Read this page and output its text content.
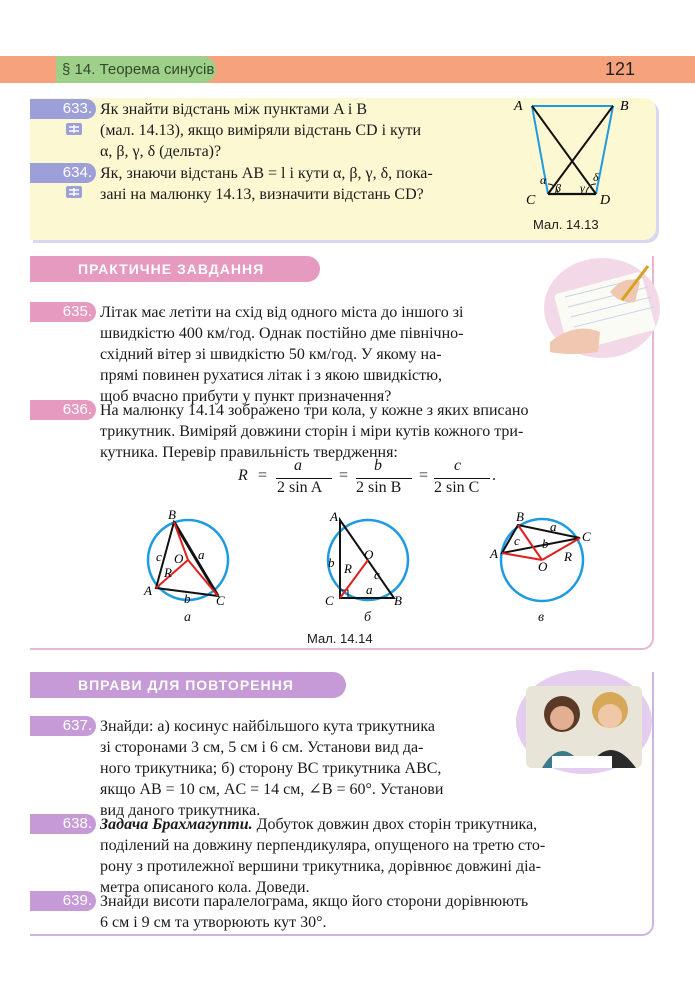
§ 14. Теорема синусів	121
633. Як знайти відстань між пунктами A і B

(мал. 14.13), якщо виміряли відстань CD і кути

α, β, γ, δ (дельта)?

634. Як, знаючи відстань AB = l і кути α, β, γ, δ, пока-

зані на малюнку 14.13, визначити відстань CD?

A	B
C	D
α
β γ
δ
Мал. 14.13
ПРАКТИЧНЕ ЗАВДАННЯ
635. Літак має летіти на схід від одного міста до іншого зі

швидкістю 400 км/год. Однак постійно дме північно-

східний вітер зі швидкістю 50 км/год. У якому на-

прямі повинен рухатися літак і з якою швидкістю,

щоб вчасно прибути у пункт призначення?

636. На малюнку 14.14 зображено три кола, у кожне з яких вписано

трикутник. Виміряй довжини сторін і міри кутів кожного три-

кутника. Перевір правильність твердження:

R =
a
2 sin A
=
b
2 sin B
=
c
2 sin C
.
B
A
C
O
R
a
b
c
а
A
C	B
O
R
a
b
c
б
B
A
C
O
R
a
b
c
в
Мал. 14.14
ВПРАВИ ДЛЯ ПОВТОРЕННЯ
637. Знайди: а) косинус найбільшого кута трикутника

зі сторонами 3 см, 5 см і 6 см. Установи вид да-

ного трикутника; б) сторону BC трикутника ABC,

якщо AB = 10 см, AC = 14 см, ∠B = 60°. Установи

вид даного трикутника.

638. Задача Брахмагупти. Добуток довжин двох сторін трикутника,

поділений на довжину перпендикуляра, опущеного на третю сто-

рону з протилежної вершини трикутника, дорівнює довжині діа-

метра описаного кола. Доведи.

639. Знайди висоти паралелограма, якщо його сторони дорівнюють

6 см і 9 см та утворюють кут 30°.
